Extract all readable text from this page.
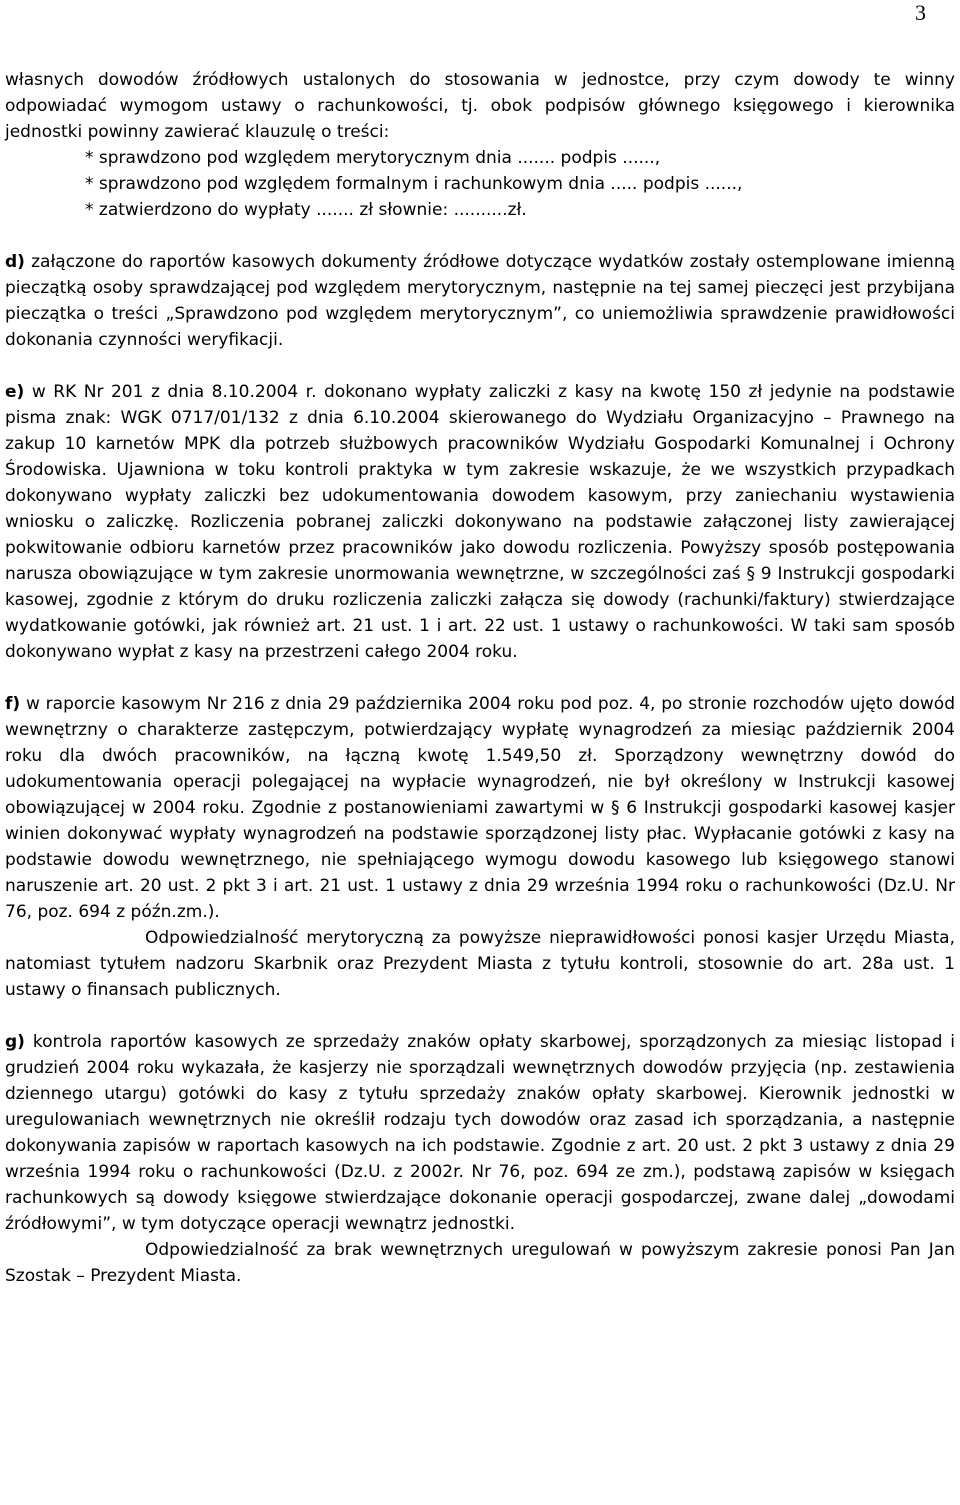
3

własnych dowodów źródłowych ustalonych do stosowania w jednostce, przy czym dowody te winny odpowiadać wymogom ustawy o rachunkowości, tj. obok podpisów głównego księgowego i kierownika jednostki powinny zawierać klauzulę o treści:

* sprawdzono pod względem merytorycznym dnia ....... podpis ......,
* sprawdzono pod względem formalnym i rachunkowym dnia ..... podpis ......,
* zatwierdzono do wypłaty ....... zł słownie: ..........zł.

d) załączone do raportów kasowych dokumenty źródłowe dotyczące wydatków zostały ostemplowane imienną pieczątką osoby sprawdzającej pod względem merytorycznym, następnie na tej samej pieczęci jest przybijana pieczątka o treści „Sprawdzono pod względem merytorycznym”, co uniemożliwia sprawdzenie prawidłowości dokonania czynności weryfikacji.

e) w RK Nr 201 z dnia 8.10.2004 r. dokonano wypłaty zaliczki z kasy na kwotę 150 zł jedynie na podstawie pisma znak: WGK 0717/01/132 z dnia 6.10.2004 skierowanego do Wydziału Organizacyjno – Prawnego na zakup 10 karnetów MPK dla potrzeb służbowych pracowników Wydziału Gospodarki Komunalnej i Ochrony Środowiska. Ujawniona w toku kontroli praktyka w tym zakresie wskazuje, że we wszystkich przypadkach dokonywano wypłaty zaliczki bez udokumentowania dowodem kasowym, przy zaniechaniu wystawienia wniosku o zaliczkę. Rozliczenia pobranej zaliczki dokonywano na podstawie załączonej listy zawierającej pokwitowanie odbioru karnetów przez pracowników jako dowodu rozliczenia. Powyższy sposób postępowania narusza obowiązujące w tym zakresie unormowania wewnętrzne, w szczególności zaś § 9 Instrukcji gospodarki kasowej, zgodnie z którym do druku rozliczenia zaliczki załącza się dowody (rachunki/faktury) stwierdzające wydatkowanie gotówki, jak również art. 21 ust. 1 i art. 22 ust. 1 ustawy o rachunkowości. W taki sam sposób dokonywano wypłat z kasy na przestrzeni całego 2004 roku.

f) w raporcie kasowym Nr 216 z dnia 29 października 2004 roku pod poz. 4, po stronie rozchodów ujęto dowód wewnętrzny o charakterze zastępczym, potwierdzający wypłatę wynagrodzeń za miesiąc październik 2004 roku dla dwóch pracowników, na łączną kwotę 1.549,50 zł. Sporządzony wewnętrzny dowód do udokumentowania operacji polegającej na wypłacie wynagrodzeń, nie był określony w Instrukcji kasowej obowiązującej w 2004 roku. Zgodnie z postanowieniami zawartymi w § 6 Instrukcji gospodarki kasowej kasjer winien dokonywać wypłaty wynagrodzeń na podstawie sporządzonej listy płac. Wypłacanie gotówki z kasy na podstawie dowodu wewnętrznego, nie spełniającego wymogu dowodu kasowego lub księgowego stanowi naruszenie art. 20 ust. 2 pkt 3 i art. 21 ust. 1 ustawy z dnia 29 września 1994 roku o rachunkowości (Dz.U. Nr 76, poz. 694 z późn.zm.).

Odpowiedzialność merytoryczną za powyższe nieprawidłowości ponosi kasjer Urzędu Miasta, natomiast tytułem nadzoru Skarbnik oraz Prezydent Miasta z tytułu kontroli, stosownie do art. 28a ust. 1 ustawy o finansach publicznych.

g) kontrola raportów kasowych ze sprzedaży znaków opłaty skarbowej, sporządzonych za miesiąc listopad i grudzień 2004 roku wykazała, że kasjerzy nie sporządzali wewnętrznych dowodów przyjęcia (np. zestawienia dziennego utargu) gotówki do kasy z tytułu sprzedaży znaków opłaty skarbowej. Kierownik jednostki w uregulowaniach wewnętrznych nie określił rodzaju tych dowodów oraz zasad ich sporządzania, a następnie dokonywania zapisów w raportach kasowych na ich podstawie. Zgodnie z art. 20 ust. 2 pkt 3 ustawy z dnia 29 września 1994 roku o rachunkowości (Dz.U. z 2002r. Nr 76, poz. 694 ze zm.), podstawą zapisów w księgach rachunkowych są dowody księgowe stwierdzające dokonanie operacji gospodarczej, zwane dalej „dowodami źródłowymi”, w tym dotyczące operacji wewnątrz jednostki.

Odpowiedzialność za brak wewnętrznych uregulowań w powyższym zakresie ponosi Pan Jan Szostak – Prezydent Miasta.
